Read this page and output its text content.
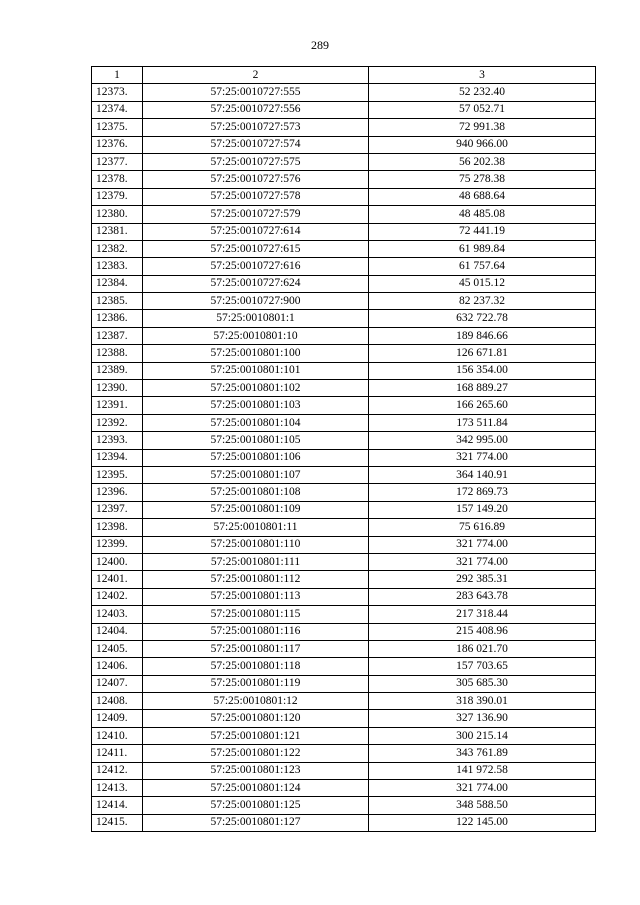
289
1	2	3
12373.	57:25:0010727:555	52 232.40
12374.	57:25:0010727:556	57 052.71
12375.	57:25:0010727:573	72 991.38
12376.	57:25:0010727:574	940 966.00
12377.	57:25:0010727:575	56 202.38
12378.	57:25:0010727:576	75 278.38
12379.	57:25:0010727:578	48 688.64
12380.	57:25:0010727:579	48 485.08
12381.	57:25:0010727:614	72 441.19
12382.	57:25:0010727:615	61 989.84
12383.	57:25:0010727:616	61 757.64
12384.	57:25:0010727:624	45 015.12
12385.	57:25:0010727:900	82 237.32
12386.	57:25:0010801:1	632 722.78
12387.	57:25:0010801:10	189 846.66
12388.	57:25:0010801:100	126 671.81
12389.	57:25:0010801:101	156 354.00
12390.	57:25:0010801:102	168 889.27
12391.	57:25:0010801:103	166 265.60
12392.	57:25:0010801:104	173 511.84
12393.	57:25:0010801:105	342 995.00
12394.	57:25:0010801:106	321 774.00
12395.	57:25:0010801:107	364 140.91
12396.	57:25:0010801:108	172 869.73
12397.	57:25:0010801:109	157 149.20
12398.	57:25:0010801:11	75 616.89
12399.	57:25:0010801:110	321 774.00
12400.	57:25:0010801:111	321 774.00
12401.	57:25:0010801:112	292 385.31
12402.	57:25:0010801:113	283 643.78
12403.	57:25:0010801:115	217 318.44
12404.	57:25:0010801:116	215 408.96
12405.	57:25:0010801:117	186 021.70
12406.	57:25:0010801:118	157 703.65
12407.	57:25:0010801:119	305 685.30
12408.	57:25:0010801:12	318 390.01
12409.	57:25:0010801:120	327 136.90
12410.	57:25:0010801:121	300 215.14
12411.	57:25:0010801:122	343 761.89
12412.	57:25:0010801:123	141 972.58
12413.	57:25:0010801:124	321 774.00
12414.	57:25:0010801:125	348 588.50
12415.	57:25:0010801:127	122 145.00
